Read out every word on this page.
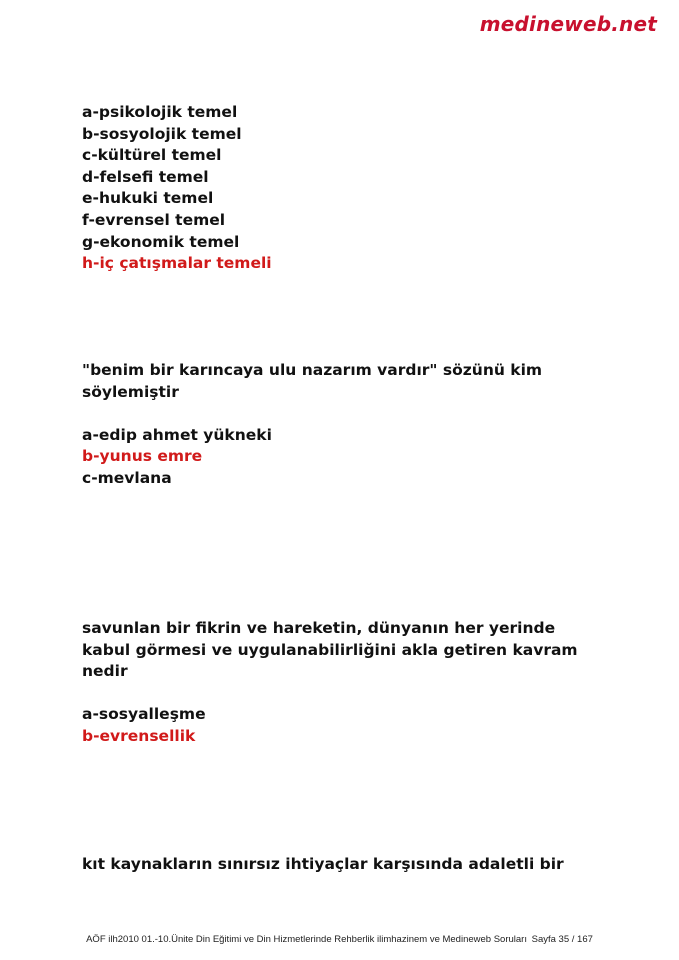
medineweb.net
a-psikolojik temel
b-sosyolojik temel
c-kültürel temel
d-felsefi temel
e-hukuki temel
f-evrensel temel
g-ekonomik temel
h-iç çatışmalar temeli
"benim bir karıncaya ulu nazarım vardır" sözünü kim
söylemiştir
a-edip ahmet yükneki
b-yunus emre
c-mevlana
savunlan bir fikrin ve hareketin, dünyanın her yerinde
kabul görmesi ve uygulanabilirliğini akla getiren kavram
nedir
a-sosyalleşme
b-evrensellik
kıt kaynakların sınırsız ihtiyaçlar karşısında adaletli bir
AÖF ilh2010 01.-10.Ünite Din Eğitimi ve Din Hizmetlerinde Rehberlik ilimhazinem ve Medineweb Soruları Sayfa 35 / 167
